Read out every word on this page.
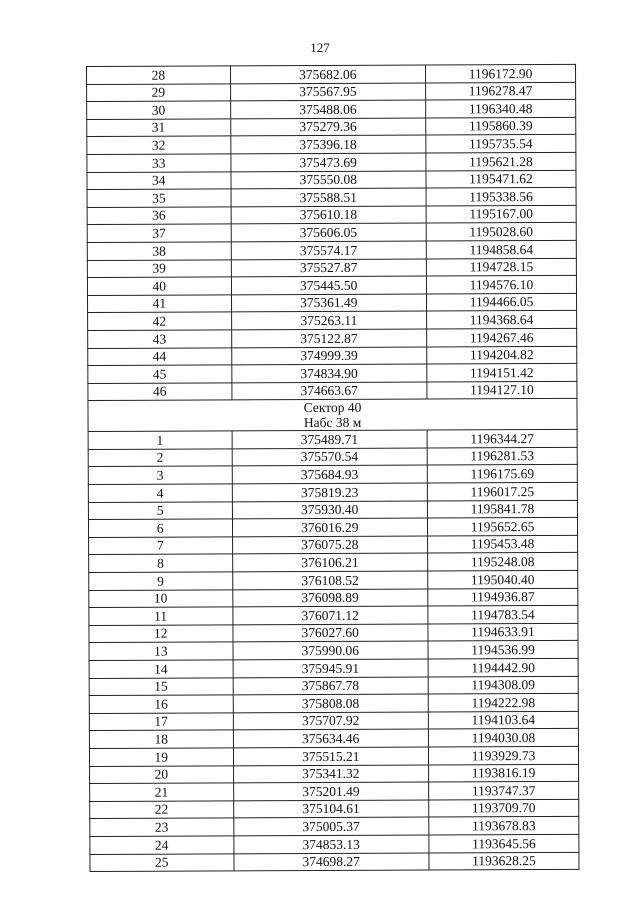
127
28	375682.06	1196172.90
29	375567.95	1196278.47
30	375488.06	1196340.48
31	375279.36	1195860.39
32	375396.18	1195735.54
33	375473.69	1195621.28
34	375550.08	1195471.62
35	375588.51	1195338.56
36	375610.18	1195167.00
37	375606.05	1195028.60
38	375574.17	1194858.64
39	375527.87	1194728.15
40	375445.50	1194576.10
41	375361.49	1194466.05
42	375263.11	1194368.64
43	375122.87	1194267.46
44	374999.39	1194204.82
45	374834.90	1194151.42
46	374663.67	1194127.10

Сектор 40
Набс 38 м		

1	375489.71	1196344.27
2	375570.54	1196281.53
3	375684.93	1196175.69
4	375819.23	1196017.25
5	375930.40	1195841.78
6	376016.29	1195652.65
7	376075.28	1195453.48
8	376106.21	1195248.08
9	376108.52	1195040.40
10	376098.89	1194936.87
11	376071.12	1194783.54
12	376027.60	1194633.91
13	375990.06	1194536.99
14	375945.91	1194442.90
15	375867.78	1194308.09
16	375808.08	1194222.98
17	375707.92	1194103.64
18	375634.46	1194030.08
19	375515.21	1193929.73
20	375341.32	1193816.19
21	375201.49	1193747.37
22	375104.61	1193709.70
23	375005.37	1193678.83
24	374853.13	1193645.56
25	374698.27	1193628.25
